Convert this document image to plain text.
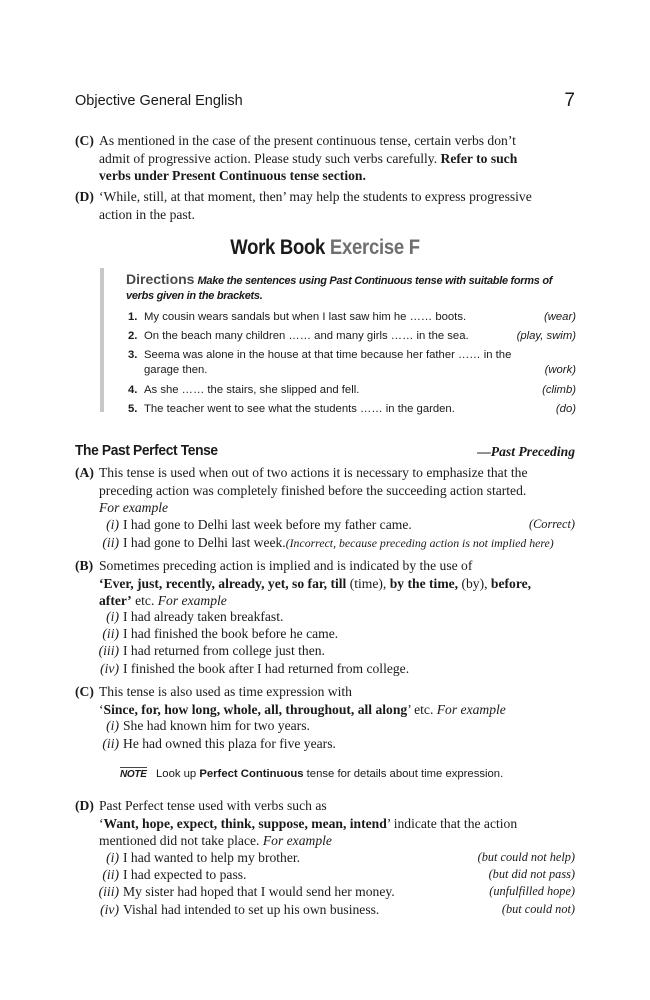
Objective General English	7
(C) As mentioned in the case of the present continuous tense, certain verbs don’t
admit of progressive action. Please study such verbs carefully. Refer to such
verbs under Present Continuous tense section.
(D) ‘While, still, at that moment, then’ may help the students to express progressive
action in the past.
Work Book Exercise F
Directions Make the sentences using Past Continuous tense with suitable forms of
verbs given in the brackets.
1. My cousin wears sandals but when I last saw him he …… boots.	(wear)
2. On the beach many children …… and many girls …… in the sea.	(play, swim)
3. Seema was alone in the house at that time because her father …… in the
garage then.	(work)
4. As she …… the stairs, she slipped and fell.	(climb)
5. The teacher went to see what the students …… in the garden.	(do)
The Past Perfect Tense	—Past Preceding
(A) This tense is used when out of two actions it is necessary to emphasize that the
preceding action was completely finished before the succeeding action started.
For example
(i) I had gone to Delhi last week before my father came.	(Correct)
(ii) I had gone to Delhi last week.(Incorrect, because preceding action is not implied here)
(B) Sometimes preceding action is implied and is indicated by the use of
‘Ever, just, recently, already, yet, so far, till (time), by the time, (by), before,
after’ etc. For example
(i) I had already taken breakfast.
(ii) I had finished the book before he came.
(iii) I had returned from college just then.
(iv) I finished the book after I had returned from college.
(C) This tense is also used as time expression with
‘Since, for, how long, whole, all, throughout, all along’ etc. For example
(i) She had known him for two years.
(ii) He had owned this plaza for five years.
NOTE Look up Perfect Continuous tense for details about time expression.
(D) Past Perfect tense used with verbs such as
‘Want, hope, expect, think, suppose, mean, intend’ indicate that the action
mentioned did not take place. For example
(i) I had wanted to help my brother.	(but could not help)
(ii) I had expected to pass.	(but did not pass)
(iii) My sister had hoped that I would send her money.	(unfulfilled hope)
(iv) Vishal had intended to set up his own business.	(but could not)
